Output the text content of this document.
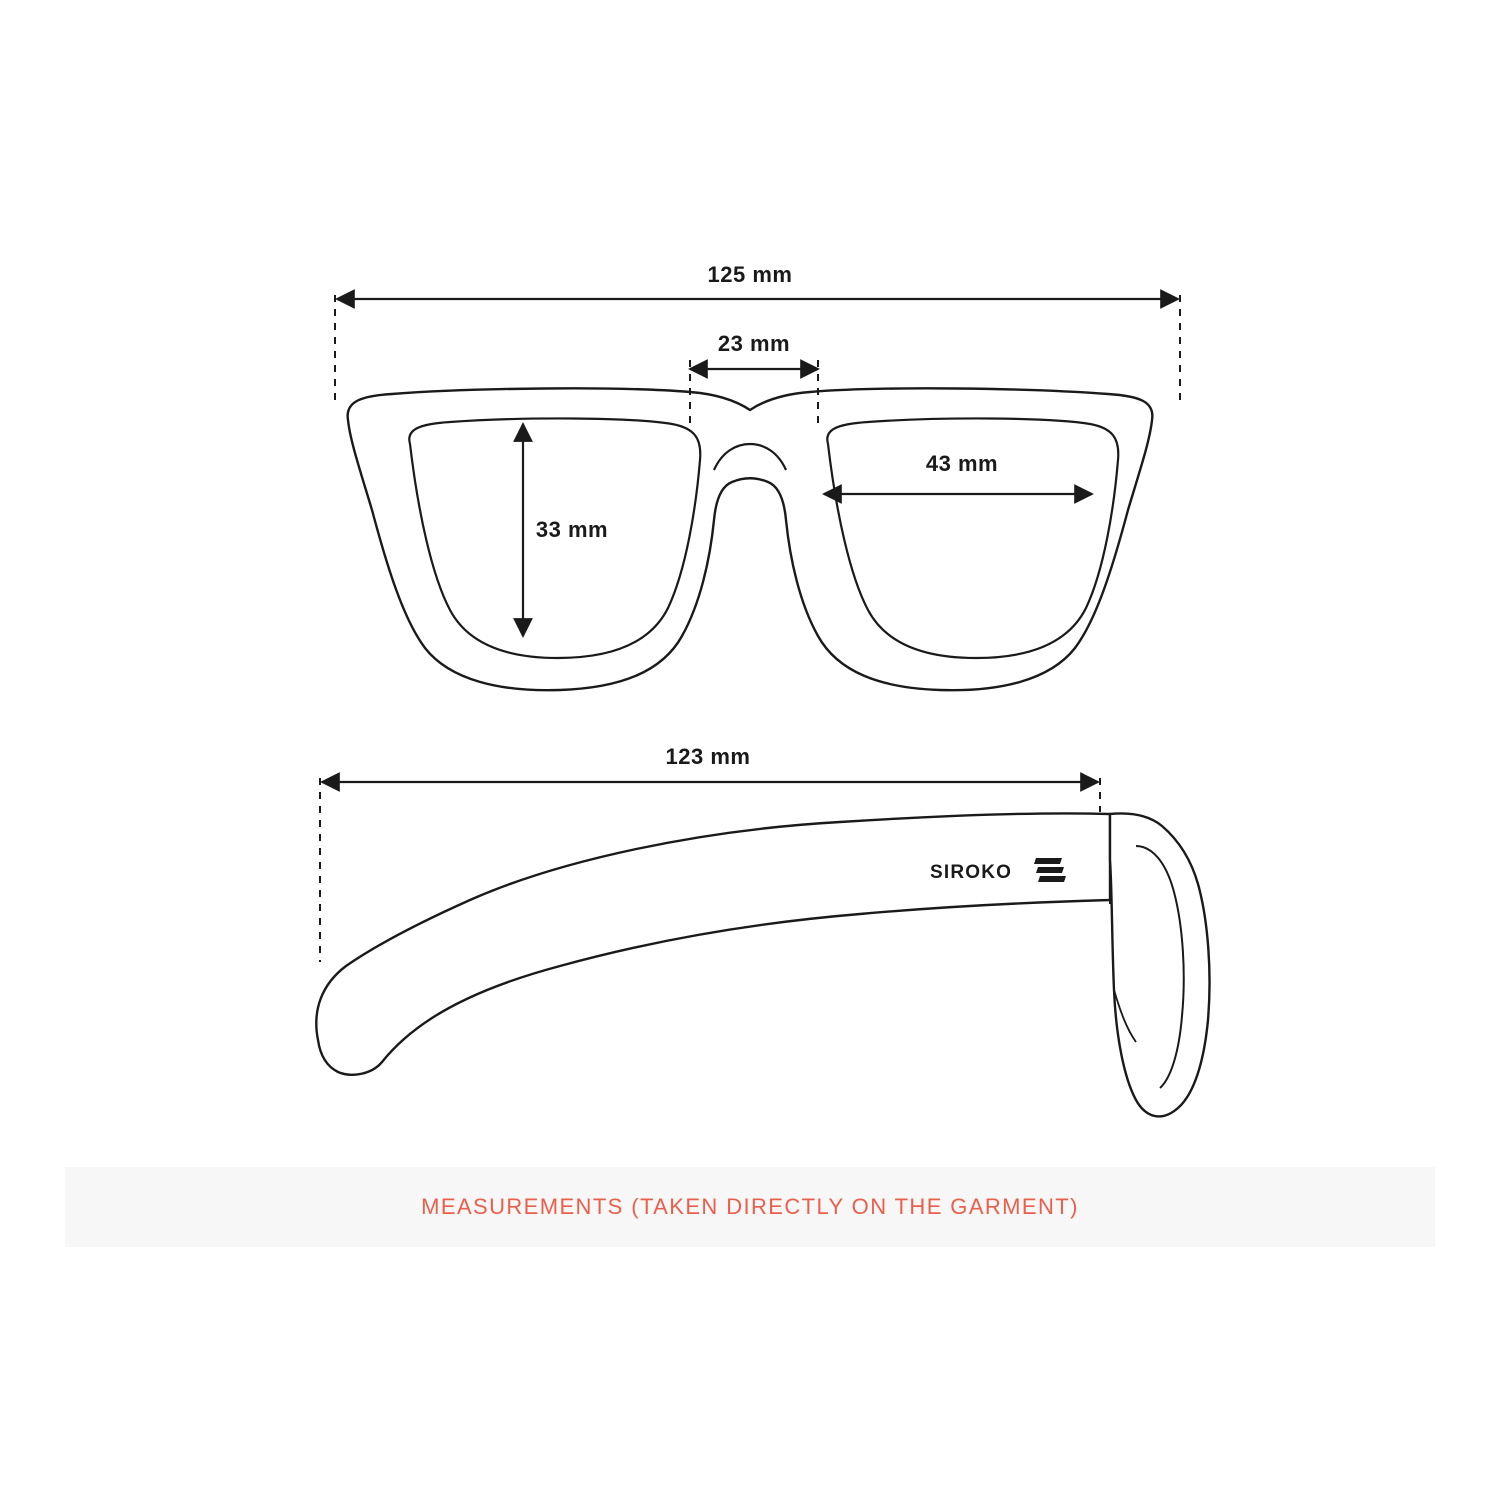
125 mm
23 mm
43 mm
33 mm
SIROKO
123 mm
MEASUREMENTS (TAKEN DIRECTLY ON THE GARMENT)
